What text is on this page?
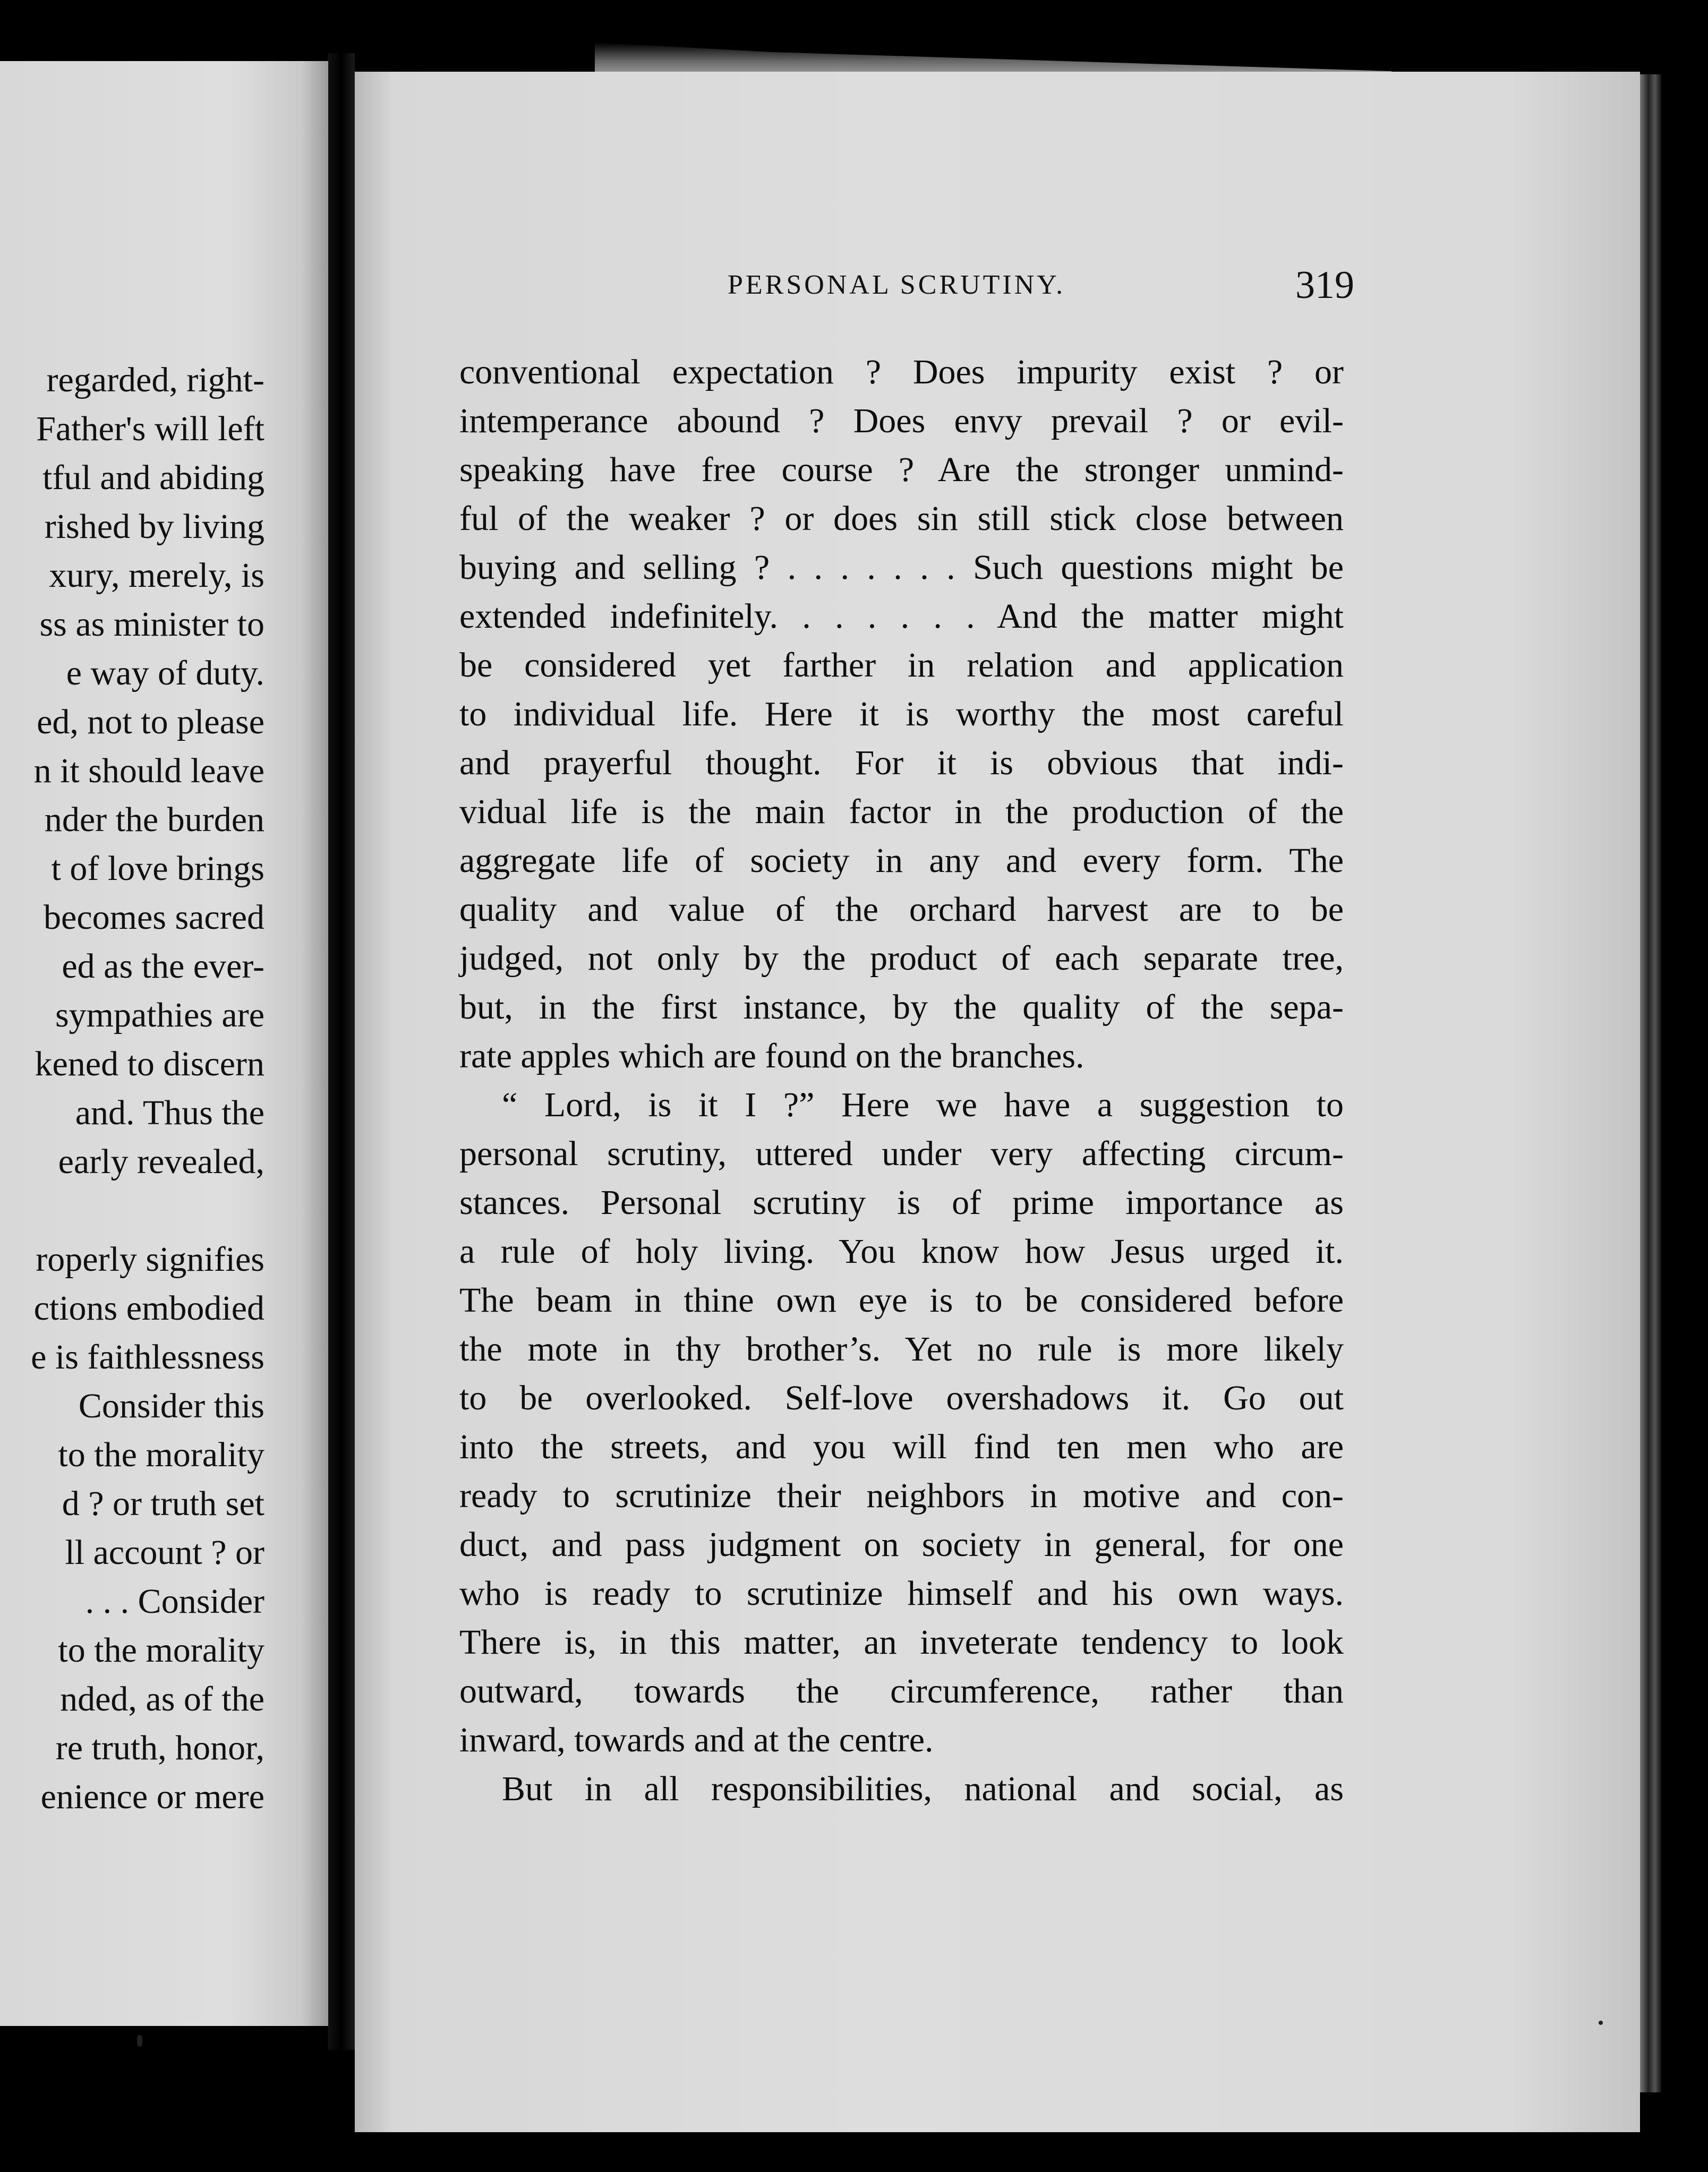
regarded, right-
Father's will left
tful and abiding
rished by living
xury, merely, is
ss as minister to
e way of duty.
ed, not to please
n it should leave
nder the burden
t of love brings
becomes sacred
ed as the ever-
sympathies are
kened to discern
and. Thus the
early revealed,
roperly signifies
ctions embodied
e is faithlessness
Consider this
to the morality
d ? or truth set
ll account ? or
. . . Consider
to the morality
nded, as of the
re truth, honor,
enience or mere
PERSONAL SCRUTINY.	319
conventional expectation ? Does impurity exist ? or
intemperance abound ? Does envy prevail ? or evil-
speaking have free course ? Are the stronger unmind-
ful of the weaker ? or does sin still stick close between
buying and selling ? . . . . . . . Such questions might be
extended indefinitely. . . . . . . And the matter might
be considered yet farther in relation and application
to individual life. Here it is worthy the most careful
and prayerful thought. For it is obvious that indi-
vidual life is the main factor in the production of the
aggregate life of society in any and every form. The
quality and value of the orchard harvest are to be
judged, not only by the product of each separate tree,
but, in the first instance, by the quality of the sepa-
rate apples which are found on the branches.
“ Lord, is it I ?” Here we have a suggestion to
personal scrutiny, uttered under very affecting circum-
stances. Personal scrutiny is of prime importance as
a rule of holy living. You know how Jesus urged it.
The beam in thine own eye is to be considered before
the mote in thy brother’s. Yet no rule is more likely
to be overlooked. Self-love overshadows it. Go out
into the streets, and you will find ten men who are
ready to scrutinize their neighbors in motive and con-
duct, and pass judgment on society in general, for one
who is ready to scrutinize himself and his own ways.
There is, in this matter, an inveterate tendency to look
outward, towards the circumference, rather than
inward, towards and at the centre.
But in all responsibilities, national and social, as
